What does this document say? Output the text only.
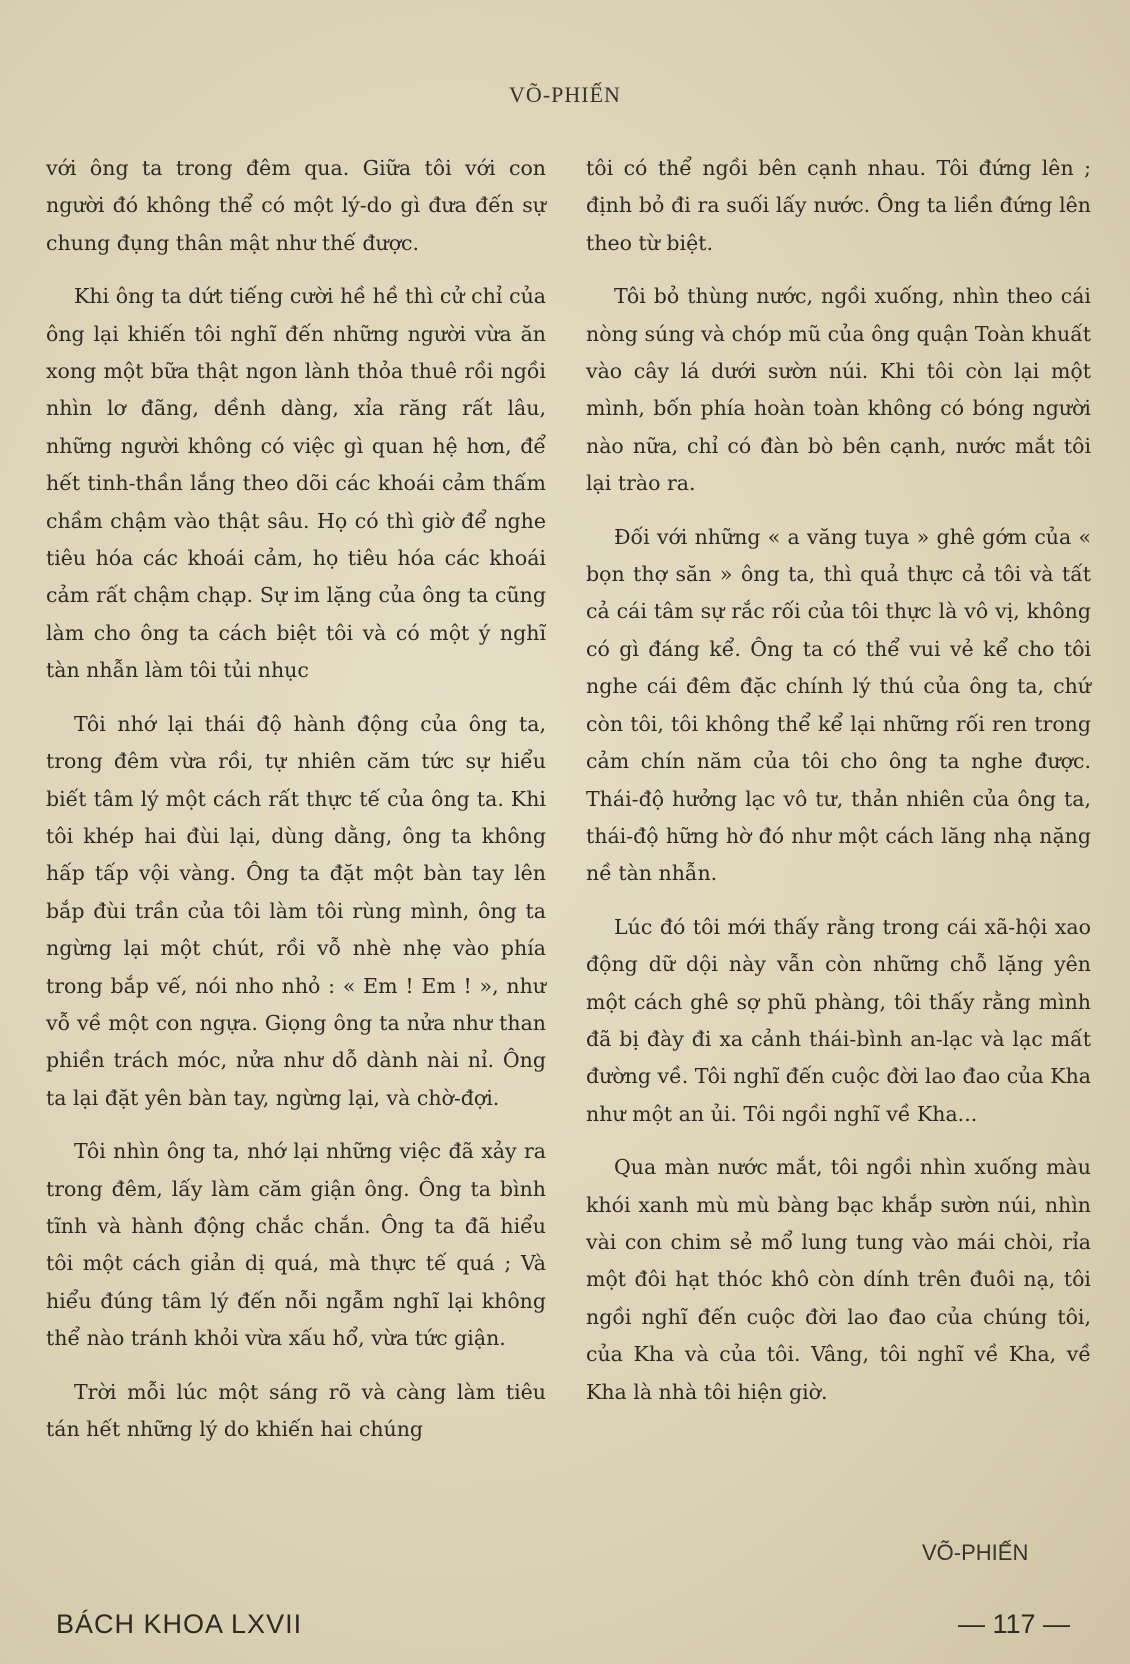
VÕ-PHIẾN

với ông ta trong đêm qua. Giữa tôi với con người đó không thể có một lý-do gì đưa đến sự chung đụng thân mật như thế được.

Khi ông ta dứt tiếng cười hề hề thì cử chỉ của ông lại khiến tôi nghĩ đến những người vừa ăn xong một bữa thật ngon lành thỏa thuê rồi ngồi nhìn lơ đãng, dềnh dàng, xỉa răng rất lâu, những người không có việc gì quan hệ hơn, để hết tinh-thần lắng theo dõi các khoái cảm thấm chầm chậm vào thật sâu. Họ có thì giờ để nghe tiêu hóa các khoái cảm, họ tiêu hóa các khoái cảm rất chậm chạp. Sự im lặng của ông ta cũng làm cho ông ta cách biệt tôi và có một ý nghĩ tàn nhẫn làm tôi tủi nhục

Tôi nhớ lại thái độ hành động của ông ta, trong đêm vừa rồi, tự nhiên căm tức sự hiểu biết tâm lý một cách rất thực tế của ông ta. Khi tôi khép hai đùi lại, dùng dằng, ông ta không hấp tấp vội vàng. Ông ta đặt một bàn tay lên bắp đùi trần của tôi làm tôi rùng mình, ông ta ngừng lại một chút, rồi vỗ nhè nhẹ vào phía trong bắp vế, nói nho nhỏ : « Em ! Em ! », như vỗ về một con ngựa. Giọng ông ta nửa như than phiền trách móc, nửa như dỗ dành nài nỉ. Ông ta lại đặt yên bàn tay, ngừng lại, và chờ-đợi.

Tôi nhìn ông ta, nhớ lại những việc đã xảy ra trong đêm, lấy làm căm giận ông. Ông ta bình tĩnh và hành động chắc chắn. Ông ta đã hiểu tôi một cách giản dị quá, mà thực tế quá ; Và hiểu đúng tâm lý đến nỗi ngẫm nghĩ lại không thể nào tránh khỏi vừa xấu hổ, vừa tức giận.

Trời mỗi lúc một sáng rõ và càng làm tiêu tán hết những lý do khiến hai chúng

tôi có thể ngồi bên cạnh nhau. Tôi đứng lên ; định bỏ đi ra suối lấy nước. Ông ta liền đứng lên theo từ biệt.

Tôi bỏ thùng nước, ngồi xuống, nhìn theo cái nòng súng và chóp mũ của ông quận Toàn khuất vào cây lá dưới sườn núi. Khi tôi còn lại một mình, bốn phía hoàn toàn không có bóng người nào nữa, chỉ có đàn bò bên cạnh, nước mắt tôi lại trào ra.

Đối với những « a văng tuya » ghê gớm của « bọn thợ săn » ông ta, thì quả thực cả tôi và tất cả cái tâm sự rắc rối của tôi thực là vô vị, không có gì đáng kể. Ông ta có thể vui vẻ kể cho tôi nghe cái đêm đặc chính lý thú của ông ta, chứ còn tôi, tôi không thể kể lại những rối ren trong cảm chín năm của tôi cho ông ta nghe được. Thái-độ hưởng lạc vô tư, thản nhiên của ông ta, thái-độ hững hờ đó như một cách lăng nhạ nặng nề tàn nhẫn.

Lúc đó tôi mới thấy rằng trong cái xã-hội xao động dữ dội này vẫn còn những chỗ lặng yên một cách ghê sợ phũ phàng, tôi thấy rằng mình đã bị đày đi xa cảnh thái-bình an-lạc và lạc mất đường về. Tôi nghĩ đến cuộc đời lao đao của Kha như một an ủi. Tôi ngồi nghĩ về Kha...

Qua màn nước mắt, tôi ngồi nhìn xuống màu khói xanh mù mù bàng bạc khắp sườn núi, nhìn vài con chim sẻ mổ lung tung vào mái chòi, rỉa một đôi hạt thóc khô còn dính trên đuôi nạ, tôi ngồi nghĩ đến cuộc đời lao đao của chúng tôi, của Kha và của tôi. Vâng, tôi nghĩ về Kha, về Kha là nhà tôi hiện giờ.

VÕ-PHIẾN
BÁCH KHOA LXVII	— 117 —
